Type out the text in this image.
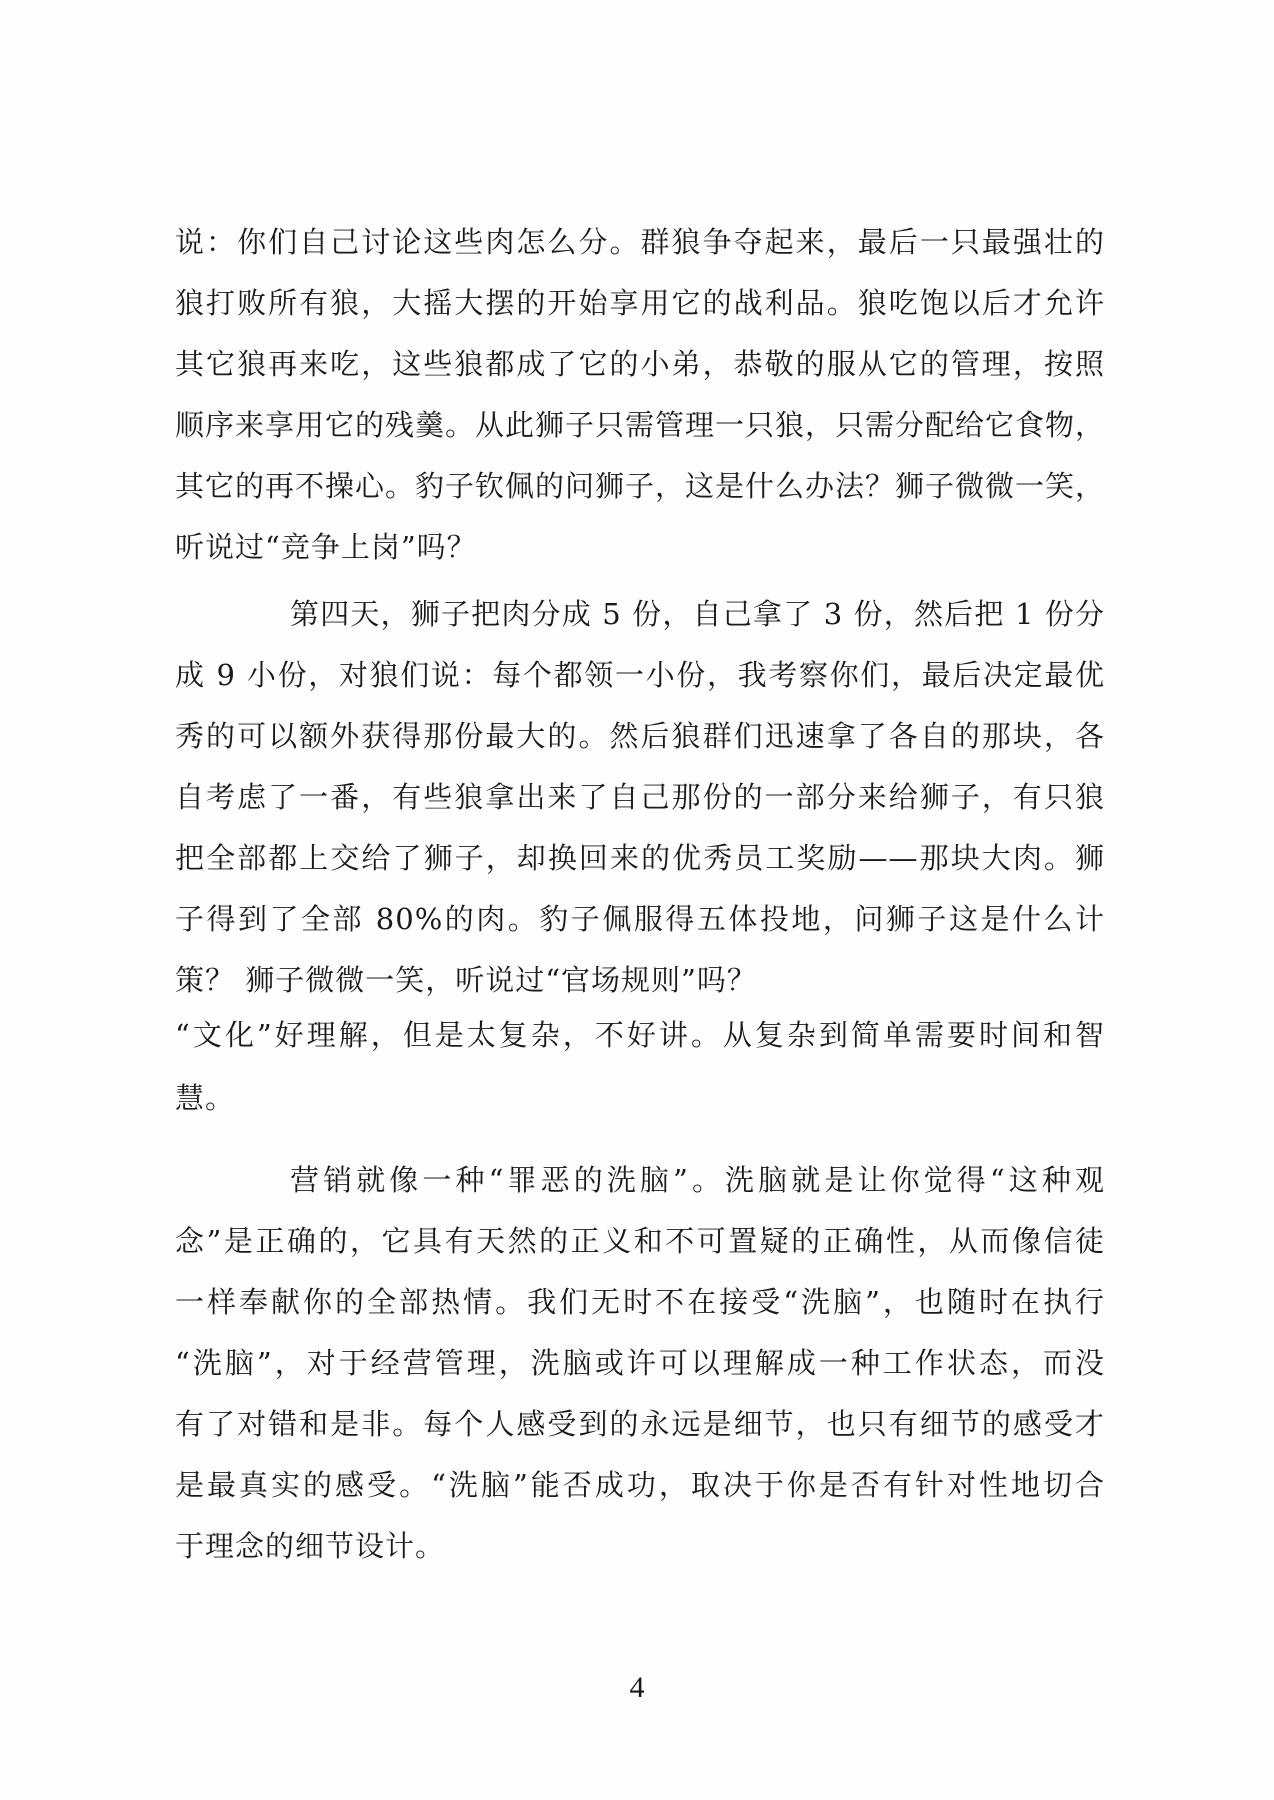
说：你们自己讨论这些肉怎么分。群狼争夺起来，最后一只最强壮的
狼打败所有狼，大摇大摆的开始享用它的战利品。狼吃饱以后才允许
其它狼再来吃，这些狼都成了它的小弟，恭敬的服从它的管理，按照
顺序来享用它的残羹。从此狮子只需管理一只狼，只需分配给它食物，
其它的再不操心。豹子钦佩的问狮子，这是什么办法？狮子微微一笑，
听说过“竞争上岗”吗？
第四天，狮子把肉分成 5 份，自己拿了 3 份，然后把 1 份分
成 9 小份，对狼们说：每个都领一小份，我考察你们，最后决定最优
秀的可以额外获得那份最大的。然后狼群们迅速拿了各自的那块，各
自考虑了一番，有些狼拿出来了自己那份的一部分来给狮子，有只狼
把全部都上交给了狮子，却换回来的优秀员工奖励——那块大肉。狮
子得到了全部 80%的肉。豹子佩服得五体投地，问狮子这是什么计
策？ 狮子微微一笑，听说过“官场规则”吗？
“文化”好理解，但是太复杂，不好讲。从复杂到简单需要时间和智
慧。
营销就像一种“罪恶的洗脑”。洗脑就是让你觉得“这种观
念”是正确的，它具有天然的正义和不可置疑的正确性，从而像信徒
一样奉献你的全部热情。我们无时不在接受“洗脑”，也随时在执行
“洗脑”，对于经营管理，洗脑或许可以理解成一种工作状态，而没
有了对错和是非。每个人感受到的永远是细节，也只有细节的感受才
是最真实的感受。“洗脑”能否成功，取决于你是否有针对性地切合
于理念的细节设计。
4
